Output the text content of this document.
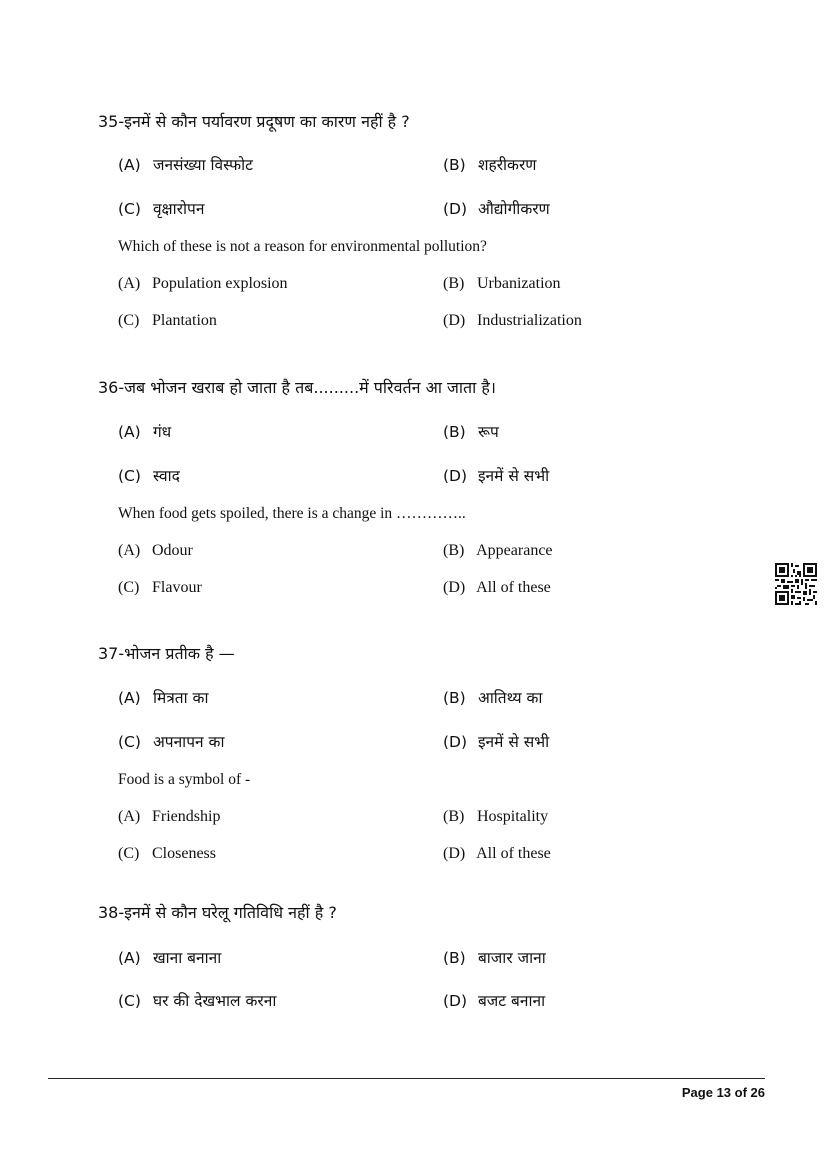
35-इनमें से कौन पर्यावरण प्रदूषण का कारण नहीं है ?
(A) जनसंख्या विस्फोट	(B) शहरीकरण
(C) वृक्षारोपन	(D) औद्योगीकरण
Which of these is not a reason for environmental pollution?
(A) Population explosion	(B) Urbanization
(C) Plantation	(D) Industrialization
36-जब भोजन खराब हो जाता है तब.........में परिवर्तन आ जाता है।
(A) गंध	(B) रूप
(C) स्वाद	(D) इनमें से सभी
When food gets spoiled, there is a change in …………..
(A) Odour	(B) Appearance
(C) Flavour	(D) All of these
37-भोजन प्रतीक है —
(A) मित्रता का	(B) आतिथ्य का
(C) अपनापन का	(D) इनमें से सभी
Food is a symbol of -
(A) Friendship	(B) Hospitality
(C) Closeness	(D) All of these
38-इनमें से कौन घरेलू गतिविधि नहीं है ?
(A) खाना बनाना	(B) बाजार जाना
(C) घर की देखभाल करना	(D) बजट बनाना
Page 13 of 26
